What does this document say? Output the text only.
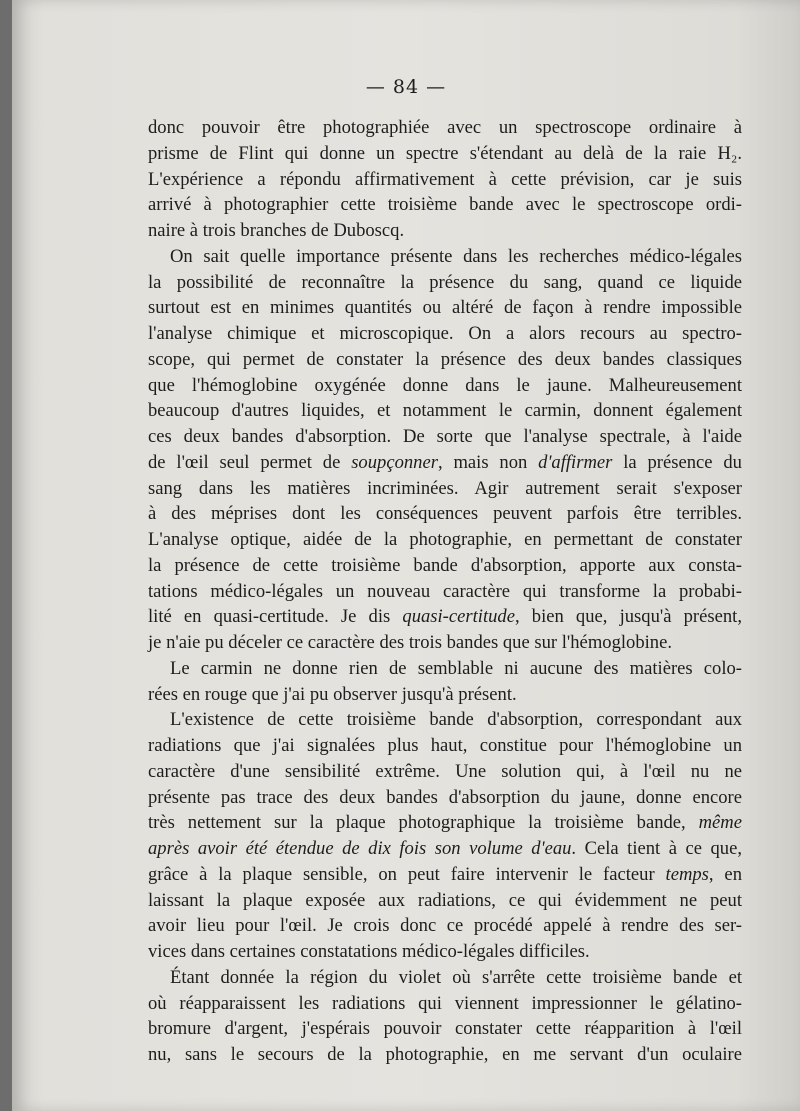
— 84 —
donc pouvoir être photographiée avec un spectroscope ordinaire à
prisme de Flint qui donne un spectre s'étendant au delà de la raie H₂.
L'expérience a répondu affirmativement à cette prévision, car je suis
arrivé à photographier cette troisième bande avec le spectroscope ordi-
naire à trois branches de Duboscq.
On sait quelle importance présente dans les recherches médico-légales
la possibilité de reconnaître la présence du sang, quand ce liquide
surtout est en minimes quantités ou altéré de façon à rendre impossible
l'analyse chimique et microscopique. On a alors recours au spectro-
scope, qui permet de constater la présence des deux bandes classiques
que l'hémoglobine oxygénée donne dans le jaune. Malheureusement
beaucoup d'autres liquides, et notamment le carmin, donnent également
ces deux bandes d'absorption. De sorte que l'analyse spectrale, à l'aide
de l'œil seul permet de soupçonner, mais non d'affirmer la présence du
sang dans les matières incriminées. Agir autrement serait s'exposer
à des méprises dont les conséquences peuvent parfois être terribles.
L'analyse optique, aidée de la photographie, en permettant de constater
la présence de cette troisième bande d'absorption, apporte aux consta-
tations médico-légales un nouveau caractère qui transforme la probabi-
lité en quasi-certitude. Je dis quasi-certitude, bien que, jusqu'à présent,
je n'aie pu déceler ce caractère des trois bandes que sur l'hémoglobine.
Le carmin ne donne rien de semblable ni aucune des matières colo-
rées en rouge que j'ai pu observer jusqu'à présent.
L'existence de cette troisième bande d'absorption, correspondant aux
radiations que j'ai signalées plus haut, constitue pour l'hémoglobine un
caractère d'une sensibilité extrême. Une solution qui, à l'œil nu ne
présente pas trace des deux bandes d'absorption du jaune, donne encore
très nettement sur la plaque photographique la troisième bande, même
après avoir été étendue de dix fois son volume d'eau. Cela tient à ce que,
grâce à la plaque sensible, on peut faire intervenir le facteur temps, en
laissant la plaque exposée aux radiations, ce qui évidemment ne peut
avoir lieu pour l'œil. Je crois donc ce procédé appelé à rendre des ser-
vices dans certaines constatations médico-légales difficiles.
Étant donnée la région du violet où s'arrête cette troisième bande et
où réapparaissent les radiations qui viennent impressionner le gélatino-
bromure d'argent, j'espérais pouvoir constater cette réapparition à l'œil
nu, sans le secours de la photographie, en me servant d'un oculaire
